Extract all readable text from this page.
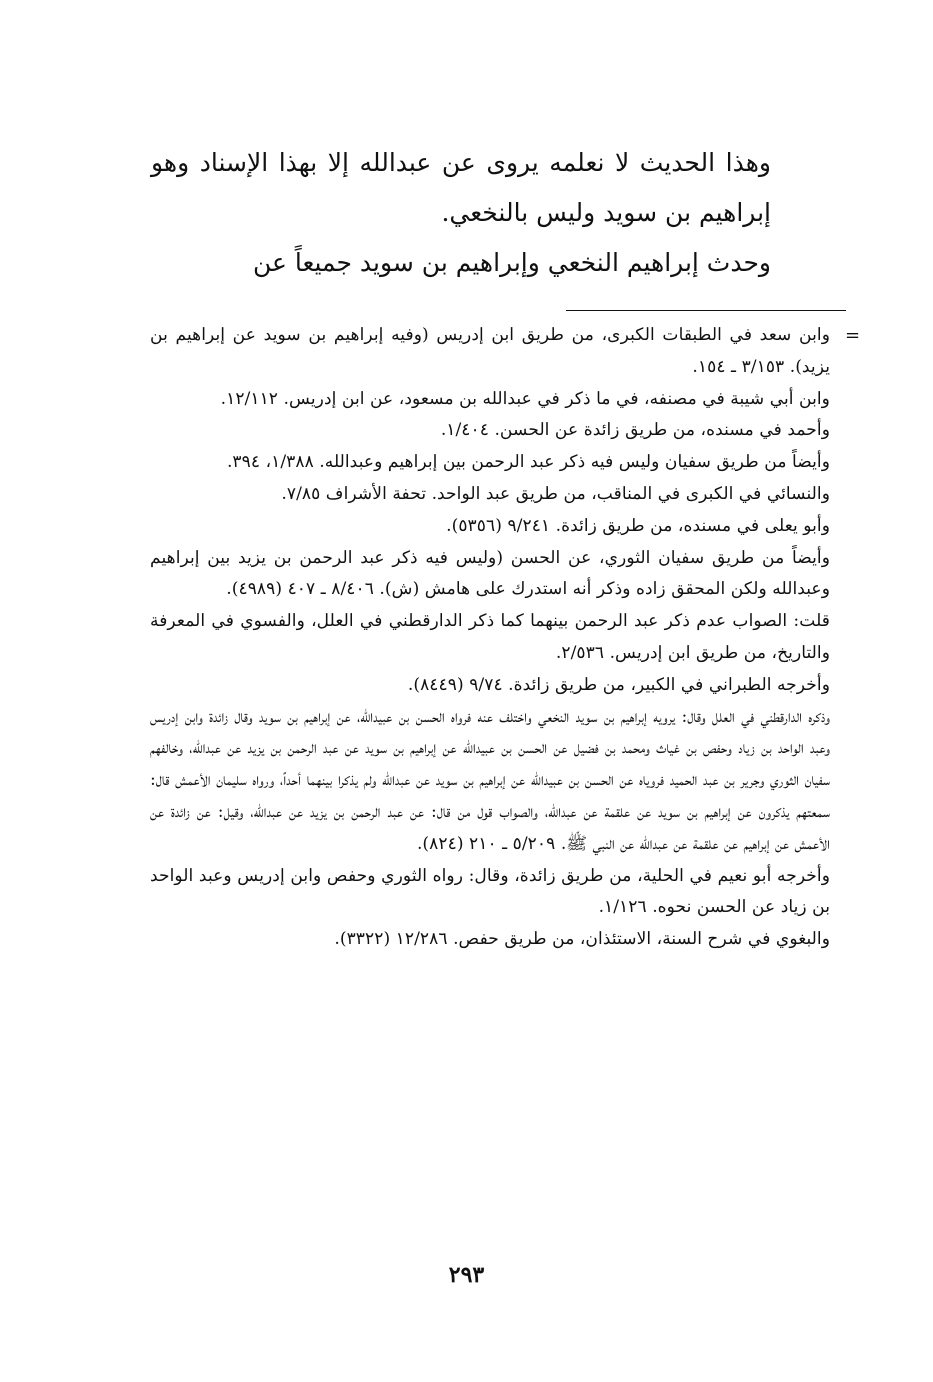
وهذا الحديث لا نعلمه يروى عن عبدالله إلا بهذا الإسناد وهو إبراهيم بن سويد وليس بالنخعي.

وحدث إبراهيم النخعي وإبراهيم بن سويد جميعاً عن

=

وابن سعد في الطبقات الكبرى، من طريق ابن إدريس (وفيه إبراهيم بن سويد عن إبراهيم بن يزيد). ٣/١٥٣ ـ ١٥٤.

وابن أبي شيبة في مصنفه، في ما ذكر في عبدالله بن مسعود، عن ابن إدريس. ١٢/١١٢.

وأحمد في مسنده، من طريق زائدة عن الحسن. ١/٤٠٤.

وأيضاً من طريق سفيان وليس فيه ذكر عبد الرحمن بين إبراهيم وعبدالله. ١/٣٨٨، ٣٩٤.

والنسائي في الكبرى في المناقب، من طريق عبد الواحد. تحفة الأشراف ٧/٨٥.

وأبو يعلى في مسنده، من طريق زائدة. ٩/٢٤١ (٥٣٥٦).

وأيضاً من طريق سفيان الثوري، عن الحسن (وليس فيه ذكر عبد الرحمن بن يزيد بين إبراهيم وعبدالله ولكن المحقق زاده وذكر أنه استدرك على هامش (ش). ٨/٤٠٦ ـ ٤٠٧ (٤٩٨٩).

قلت: الصواب عدم ذكر عبد الرحمن بينهما كما ذكر الدارقطني في العلل، والفسوي في المعرفة والتاريخ، من طريق ابن إدريس. ٢/٥٣٦.

وأخرجه الطبراني في الكبير، من طريق زائدة. ٩/٧٤ (٨٤٤٩).

وذكره الدارقطني في العلل وقال: يرويه إبراهيم بن سويد النخعي واختلف عنه فرواه الحسن بن عبيدالله، عن إبراهيم بن سويد وقال زائدة وابن إدريس وعبد الواحد بن زياد وحفص بن غياث ومحمد بن فضيل عن الحسن بن عبيدالله عن إبراهيم بن سويد عن عبد الرحمن بن يزيد عن عبدالله، وخالفهم سفيان الثوري وجرير بن عبد الحميد فروياه عن الحسن بن عبيدالله عن إبراهيم بن سويد عن عبدالله ولم يذكرا بينهما أحداً، ورواه سليمان الأعمش قال: سمعتهم يذكرون عن إبراهيم بن سويد عن علقمة عن عبدالله، والصواب قول من قال: عن عبد الرحمن بن يزيد عن عبدالله، وقيل: عن زائدة عن الأعمش عن إبراهيم عن علقمة عن عبدالله عن النبي ﷺ. ٥/٢٠٩ ـ ٢١٠ (٨٢٤).

وأخرجه أبو نعيم في الحلية، من طريق زائدة، وقال: رواه الثوري وحفص وابن إدريس وعبد الواحد بن زياد عن الحسن نحوه. ١/١٢٦.

والبغوي في شرح السنة، الاستئذان، من طريق حفص. ١٢/٢٨٦ (٣٣٢٢).

٢٩٣
